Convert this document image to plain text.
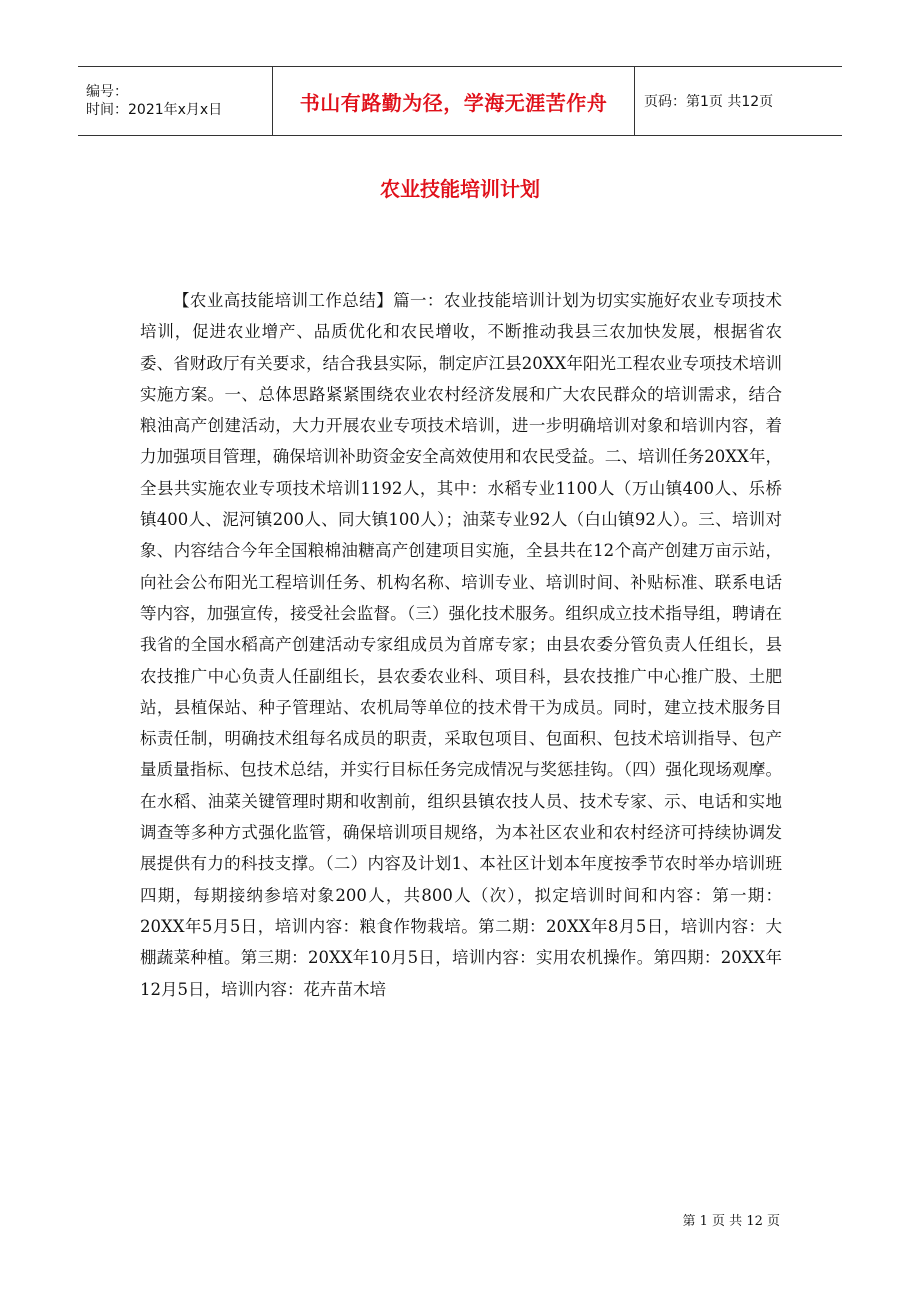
编号：
时间：2021年x月x日	书山有路勤为径，学海无涯苦作舟	页码：第1页 共12页
农业技能培训计划

【农业高技能培训工作总结】篇一：农业技能培训计划为切实实施好农业专项技术培训，促进农业增产、品质优化和农民增收，不断推动我县三农加快发展，根据省农委、省财政厅有关要求，结合我县实际，制定庐江县20XX年阳光工程农业专项技术培训实施方案。一、总体思路紧紧围绕农业农村经济发展和广大农民群众的培训需求，结合粮油高产创建活动，大力开展农业专项技术培训，进一步明确培训对象和培训内容，着力加强项目管理，确保培训补助资金安全高效使用和农民受益。二、培训任务20XX年，全县共实施农业专项技术培训1192人，其中：水稻专业1100人（万山镇400人、乐桥镇400人、泥河镇200人、同大镇100人）；油菜专业92人（白山镇92人）。三、培训对象、内容结合今年全国粮棉油糖高产创建项目实施，全县共在12个高产创建万亩示站，向社会公布阳光工程培训任务、机构名称、培训专业、培训时间、补贴标准、联系电话等内容，加强宣传，接受社会监督。（三）强化技术服务。组织成立技术指导组，聘请在我省的全国水稻高产创建活动专家组成员为首席专家；由县农委分管负责人任组长，县农技推广中心负责人任副组长，县农委农业科、项目科，县农技推广中心推广股、土肥站，县植保站、种子管理站、农机局等单位的技术骨干为成员。同时，建立技术服务目标责任制，明确技术组每名成员的职责，采取包项目、包面积、包技术培训指导、包产量质量指标、包技术总结，并实行目标任务完成情况与奖惩挂钩。（四）强化现场观摩。在水稻、油菜关键管理时期和收割前，组织县镇农技人员、技术专家、示、电话和实地调查等多种方式强化监管，确保培训项目规络，为本社区农业和农村经济可持续协调发展提供有力的科技支撑。（二）内容及计划1、本社区计划本年度按季节农时举办培训班四期，每期接纳参培对象200人，共800人（次），拟定培训时间和内容：第一期：20XX年5月5日，培训内容：粮食作物栽培。第二期：20XX年8月5日，培训内容：大棚蔬菜种植。第三期：20XX年10月5日，培训内容：实用农机操作。第四期：20XX年12月5日，培训内容：花卉苗木培

第 1 页 共 12 页
